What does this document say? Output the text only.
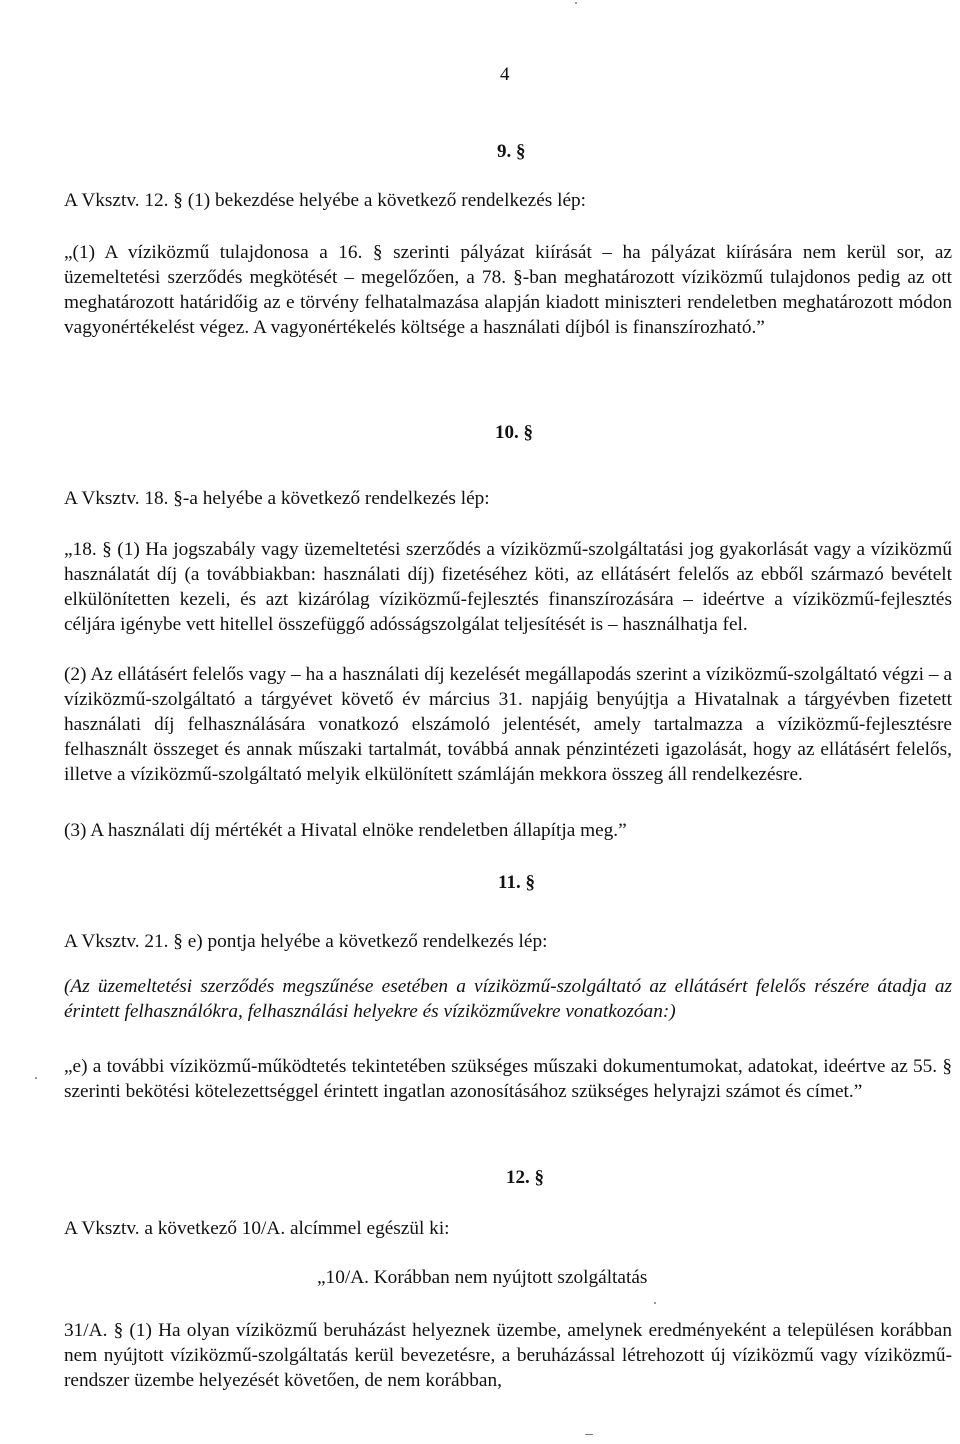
4
9. §
A Vksztv. 12. § (1) bekezdése helyébe a következő rendelkezés lép:
„(1) A víziközmű tulajdonosa a 16. § szerinti pályázat kiírását – ha pályázat kiírására nem kerül sor, az üzemeltetési szerződés megkötését – megelőzően, a 78. §-ban meghatározott víziközmű tulajdonos pedig az ott meghatározott határidőig az e törvény felhatalmazása alapján kiadott miniszteri rendeletben meghatározott módon vagyonértékelést végez. A vagyonértékelés költsége a használati díjból is finanszírozható.”
10. §
A Vksztv. 18. §-a helyébe a következő rendelkezés lép:
„18. § (1) Ha jogszabály vagy üzemeltetési szerződés a víziközmű-szolgáltatási jog gyakorlását vagy a víziközmű használatát díj (a továbbiakban: használati díj) fizetéséhez köti, az ellátásért felelős az ebből származó bevételt elkülönítetten kezeli, és azt kizárólag víziközmű-fejlesztés finanszírozására – ideértve a víziközmű-fejlesztés céljára igénybe vett hitellel összefüggő adósságszolgálat teljesítését is – használhatja fel.
(2) Az ellátásért felelős vagy – ha a használati díj kezelését megállapodás szerint a víziközmű-szolgáltató végzi – a víziközmű-szolgáltató a tárgyévet követő év március 31. napjáig benyújtja a Hivatalnak a tárgyévben fizetett használati díj felhasználására vonatkozó elszámoló jelentését, amely tartalmazza a víziközmű-fejlesztésre felhasznált összeget és annak műszaki tartalmát, továbbá annak pénzintézeti igazolását, hogy az ellátásért felelős, illetve a víziközmű-szolgáltató melyik elkülönített számláján mekkora összeg áll rendelkezésre.
(3) A használati díj mértékét a Hivatal elnöke rendeletben állapítja meg.”
11. §
A Vksztv. 21. § e) pontja helyébe a következő rendelkezés lép:
(Az üzemeltetési szerződés megszűnése esetében a víziközmű-szolgáltató az ellátásért felelős részére átadja az érintett felhasználókra, felhasználási helyekre és víziközművekre vonatkozóan:)
„e) a további víziközmű-működtetés tekintetében szükséges műszaki dokumentumokat, adatokat, ideértve az 55. § szerinti bekötési kötelezettséggel érintett ingatlan azonosításához szükséges helyrajzi számot és címet.”
12. §
A Vksztv. a következő 10/A. alcímmel egészül ki:
„10/A. Korábban nem nyújtott szolgáltatás
31/A. § (1) Ha olyan víziközmű beruházást helyeznek üzembe, amelynek eredményeként a településen korábban nem nyújtott víziközmű-szolgáltatás kerül bevezetésre, a beruházással létrehozott új víziközmű vagy víziközmű-rendszer üzembe helyezését követően, de nem korábban,
